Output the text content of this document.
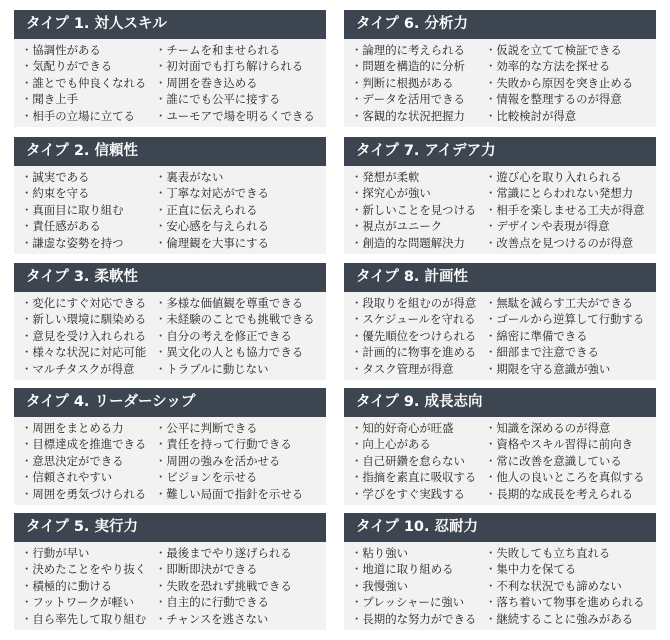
タイプ 1. 対人スキル
・ 協調性がある
・ 気配りができる
・ 誰とでも仲良くなれる
・ 聞き上手
・ 相手の立場に立てる
・ チームを和ませられる
・ 初対面でも打ち解けられる
・ 周囲を巻き込める
・ 誰にでも公平に接する
・ ユーモアで場を明るくできる
タイプ 6. 分析力
・ 論理的に考えられる
・ 問題を構造的に分析
・ 判断に根拠がある
・ データを活用できる
・ 客観的な状況把握力
・ 仮説を立てて検証できる
・ 効率的な方法を探せる
・ 失敗から原因を突き止める
・ 情報を整理するのが得意
・ 比較検討が得意
タイプ 2. 信頼性
・ 誠実である
・ 約束を守る
・ 真面目に取り組む
・ 責任感がある
・ 謙虚な姿勢を持つ
・ 裏表がない
・ 丁寧な対応ができる
・ 正直に伝えられる
・ 安心感を与えられる
・ 倫理観を大事にする
タイプ 7. アイデア力
・ 発想が柔軟
・ 探究心が強い
・ 新しいことを見つける
・ 視点がユニーク
・ 創造的な問題解決力
・ 遊び心を取り入れられる
・ 常識にとらわれない発想力
・ 相手を楽しませる工夫が得意
・ デザインや表現が得意
・ 改善点を見つけるのが得意
タイプ 3. 柔軟性
・ 変化にすぐ対応できる
・ 新しい環境に馴染める
・ 意見を受け入れられる
・ 様々な状況に対応可能
・ マルチタスクが得意
・ 多様な価値観を尊重できる
・ 未経験のことでも挑戦できる
・ 自分の考えを修正できる
・ 異文化の人とも協力できる
・ トラブルに動じない
タイプ 8. 計画性
・ 段取りを組むのが得意
・ スケジュールを守れる
・ 優先順位をつけられる
・ 計画的に物事を進める
・ タスク管理が得意
・ 無駄を減らす工夫ができる
・ ゴールから逆算して行動する
・ 綿密に準備できる
・ 細部まで注意できる
・ 期限を守る意識が強い
タイプ 4. リーダーシップ
・ 周囲をまとめる力
・ 目標達成を推進できる
・ 意思決定ができる
・ 信頼されやすい
・ 周囲を勇気づけられる
・ 公平に判断できる
・ 責任を持って行動できる
・ 周囲の強みを活かせる
・ ビジョンを示せる
・ 難しい局面で指針を示せる
タイプ 9. 成長志向
・ 知的好奇心が旺盛
・ 向上心がある
・ 自己研鑽を怠らない
・ 指摘を素直に吸収する
・ 学びをすぐ実践する
・ 知識を深めるのが得意
・ 資格やスキル習得に前向き
・ 常に改善を意識している
・ 他人の良いところを真似する
・ 長期的な成長を考えられる
タイプ 5. 実行力
・ 行動が早い
・ 決めたことをやり抜く
・ 積極的に動ける
・ フットワークが軽い
・ 自ら率先して取り組む
・ 最後までやり遂げられる
・ 即断即決ができる
・ 失敗を恐れず挑戦できる
・ 自主的に行動できる
・ チャンスを逃さない
タイプ 10. 忍耐力
・ 粘り強い
・ 地道に取り組める
・ 我慢強い
・ プレッシャーに強い
・ 長期的な努力ができる
・ 失敗しても立ち直れる
・ 集中力を保てる
・ 不利な状況でも諦めない
・ 落ち着いて物事を進められる
・ 継続することに強みがある
